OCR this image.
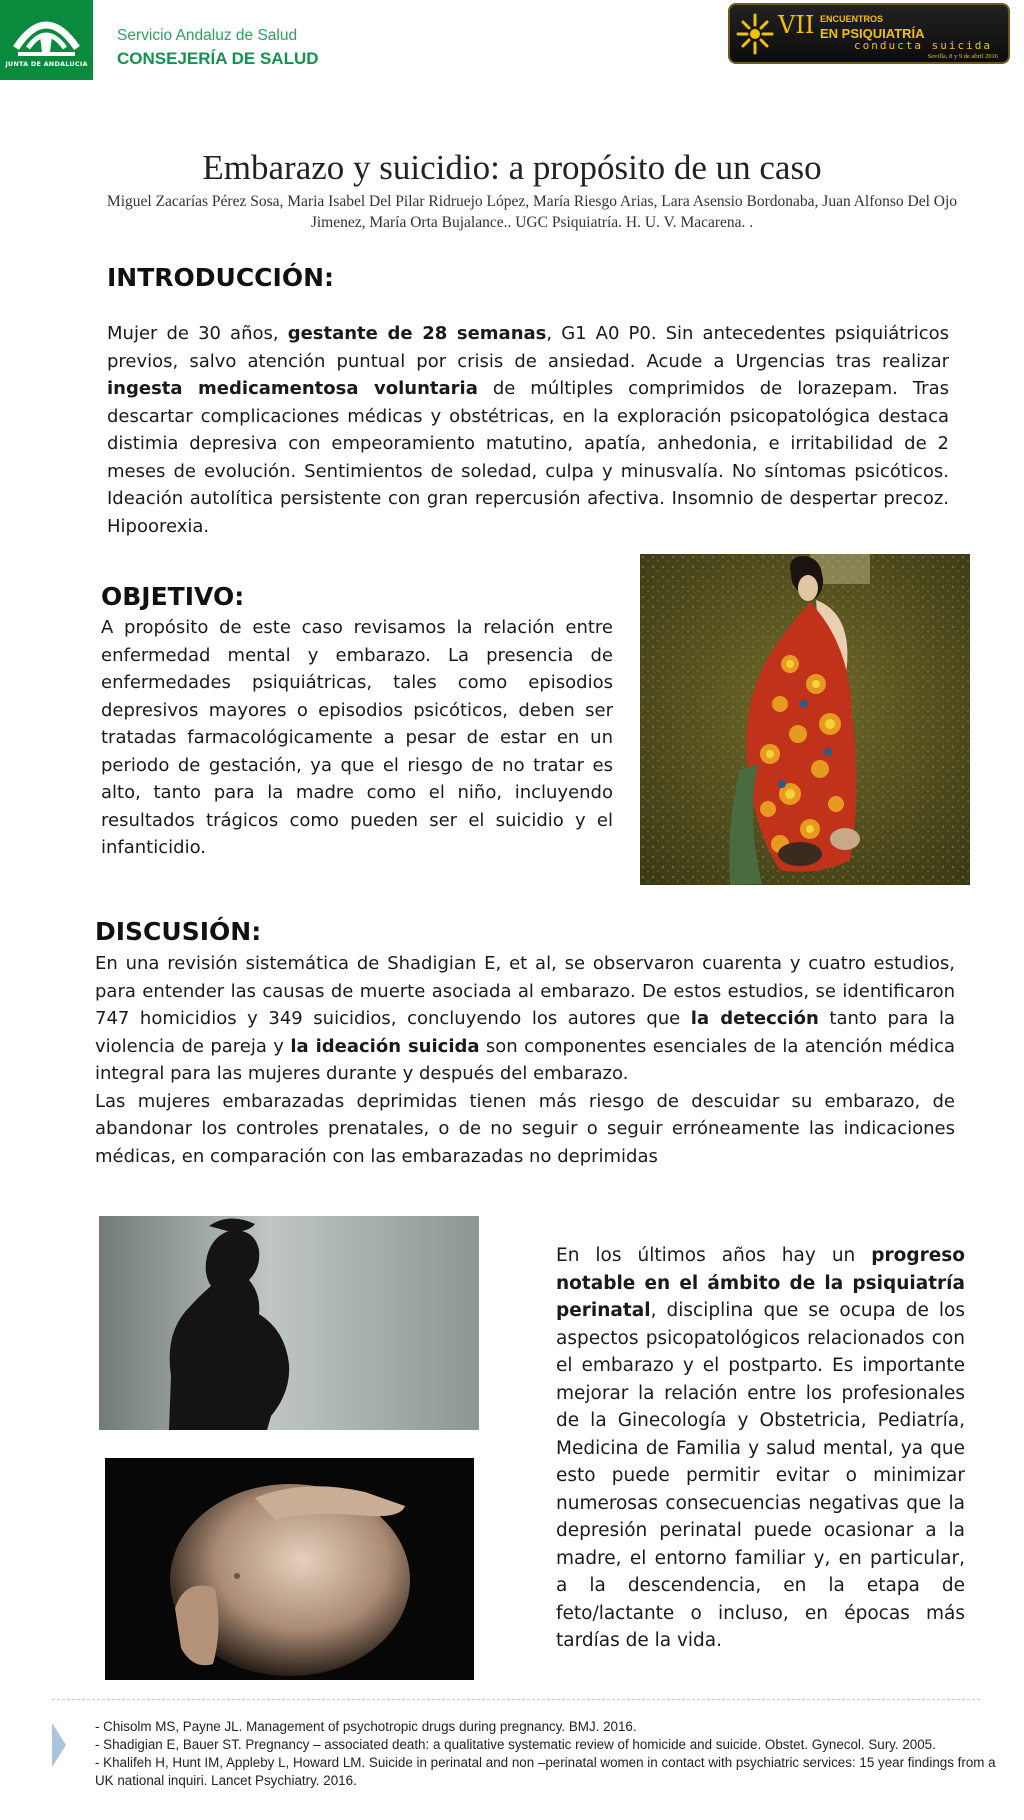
JUNTA DE ANDALUCIA
Servicio Andaluz de Salud
CONSEJERÍA DE SALUD
VII ENCUENTROS
EN PSIQUIATRÍA
conducta suicida
Sevilla, 8 y 9 de abril 2016
Embarazo y suicidio: a propósito de un caso
Miguel Zacarías Pérez Sosa, Maria Isabel Del Pilar Ridruejo López, María Riesgo Arias, Lara Asensio Bordonaba, Juan Alfonso Del Ojo Jimenez, María Orta Bujalance.. UGC Psiquiatría. H. U. V. Macarena. .
INTRODUCCIÓN:
Mujer de 30 años, gestante de 28 semanas, G1 A0 P0. Sin antecedentes psiquiátricos previos, salvo atención puntual por crisis de ansiedad. Acude a Urgencias tras realizar ingesta medicamentosa voluntaria de múltiples comprimidos de lorazepam. Tras descartar complicaciones médicas y obstétricas, en la exploración psicopatológica destaca distimia depresiva con empeoramiento matutino, apatía, anhedonia, e irritabilidad de 2 meses de evolución. Sentimientos de soledad, culpa y minusvalía. No síntomas psicóticos. Ideación autolítica persistente con gran repercusión afectiva. Insomnio de despertar precoz. Hipoorexia.
OBJETIVO:
A propósito de este caso revisamos la relación entre enfermedad mental y embarazo. La presencia de enfermedades psiquiátricas, tales como episodios depresivos mayores o episodios psicóticos, deben ser tratadas farmacológicamente a pesar de estar en un periodo de gestación, ya que el riesgo de no tratar es alto, tanto para la madre como el niño, incluyendo resultados trágicos como pueden ser el suicidio y el infanticidio.
DISCUSIÓN:
En una revisión sistemática de Shadigian E, et al, se observaron cuarenta y cuatro estudios, para entender las causas de muerte asociada al embarazo. De estos estudios, se identificaron 747 homicidios y 349 suicidios, concluyendo los autores que la detección tanto para la violencia de pareja y la ideación suicida son componentes esenciales de la atención médica integral para las mujeres durante y después del embarazo.
Las mujeres embarazadas deprimidas tienen más riesgo de descuidar su embarazo, de abandonar los controles prenatales, o de no seguir o seguir erróneamente las indicaciones médicas, en comparación con las embarazadas no deprimidas
En los últimos años hay un progreso notable en el ámbito de la psiquiatría perinatal, disciplina que se ocupa de los aspectos psicopatológicos relacionados con el embarazo y el postparto. Es importante mejorar la relación entre los profesionales de la Ginecología y Obstetricia, Pediatría, Medicina de Familia y salud mental, ya que esto puede permitir evitar o minimizar numerosas consecuencias negativas que la depresión perinatal puede ocasionar a la madre, el entorno familiar y, en particular, a la descendencia, en la etapa de feto/lactante o incluso, en épocas más tardías de la vida.
- Chisolm MS, Payne JL. Management of psychotropic drugs during pregnancy. BMJ. 2016.
- Shadigian E, Bauer ST. Pregnancy – associated death: a qualitative systematic review of homicide and suicide. Obstet. Gynecol. Sury. 2005.
- Khalifeh H, Hunt IM, Appleby L, Howard LM. Suicide in perinatal and non –perinatal women in contact with psychiatric services: 15 year findings from a UK national inquiri. Lancet Psychiatry. 2016.
